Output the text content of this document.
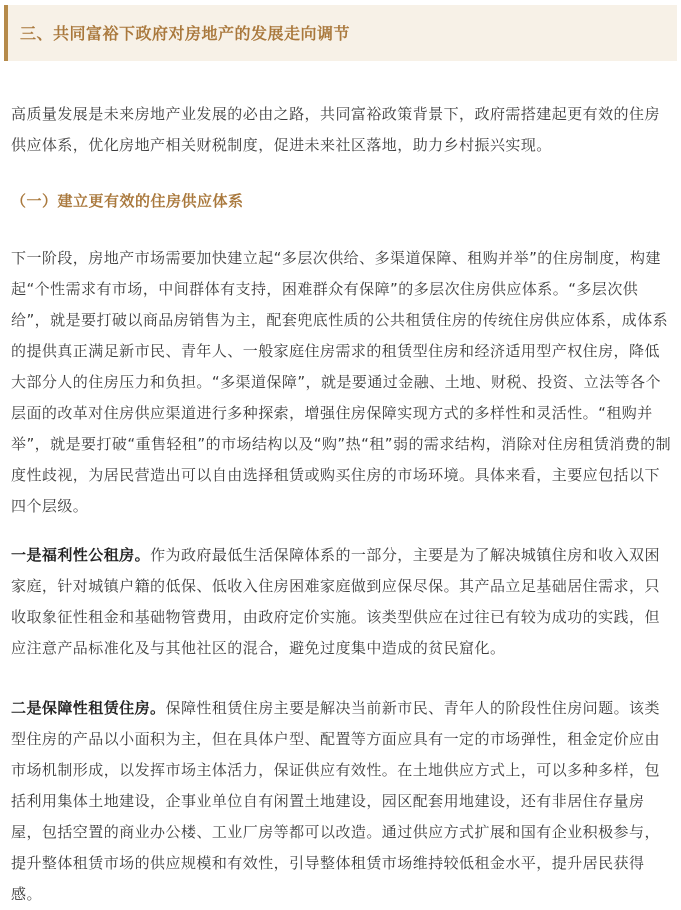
三、共同富裕下政府对房地产的发展走向调节

高质量发展是未来房地产业发展的必由之路，共同富裕政策背景下，政府需搭建起更有效的住房供应体系，优化房地产相关财税制度，促进未来社区落地，助力乡村振兴实现。

（一）建立更有效的住房供应体系

下一阶段，房地产市场需要加快建立起“多层次供给、多渠道保障、租购并举”的住房制度，构建起“个性需求有市场，中间群体有支持，困难群众有保障”的多层次住房供应体系。“多层次供给”，就是要打破以商品房销售为主，配套兜底性质的公共租赁住房的传统住房供应体系，成体系的提供真正满足新市民、青年人、一般家庭住房需求的租赁型住房和经济适用型产权住房，降低大部分人的住房压力和负担。“多渠道保障”，就是要通过金融、土地、财税、投资、立法等各个层面的改革对住房供应渠道进行多种探索，增强住房保障实现方式的多样性和灵活性。“租购并举”，就是要打破“重售轻租”的市场结构以及“购”热“租”弱的需求结构，消除对住房租赁消费的制度性歧视，为居民营造出可以自由选择租赁或购买住房的市场环境。具体来看，主要应包括以下四个层级。

一是福利性公租房。作为政府最低生活保障体系的一部分，主要是为了解决城镇住房和收入双困家庭，针对城镇户籍的低保、低收入住房困难家庭做到应保尽保。其产品立足基础居住需求，只收取象征性租金和基础物管费用，由政府定价实施。该类型供应在过往已有较为成功的实践，但应注意产品标准化及与其他社区的混合，避免过度集中造成的贫民窟化。

二是保障性租赁住房。保障性租赁住房主要是解决当前新市民、青年人的阶段性住房问题。该类型住房的产品以小面积为主，但在具体户型、配置等方面应具有一定的市场弹性，租金定价应由市场机制形成，以发挥市场主体活力，保证供应有效性。在土地供应方式上，可以多种多样，包括利用集体土地建设，企事业单位自有闲置土地建设，园区配套用地建设，还有非居住存量房屋，包括空置的商业办公楼、工业厂房等都可以改造。通过供应方式扩展和国有企业积极参与，提升整体租赁市场的供应规模和有效性，引导整体租赁市场维持较低租金水平，提升居民获得感。
